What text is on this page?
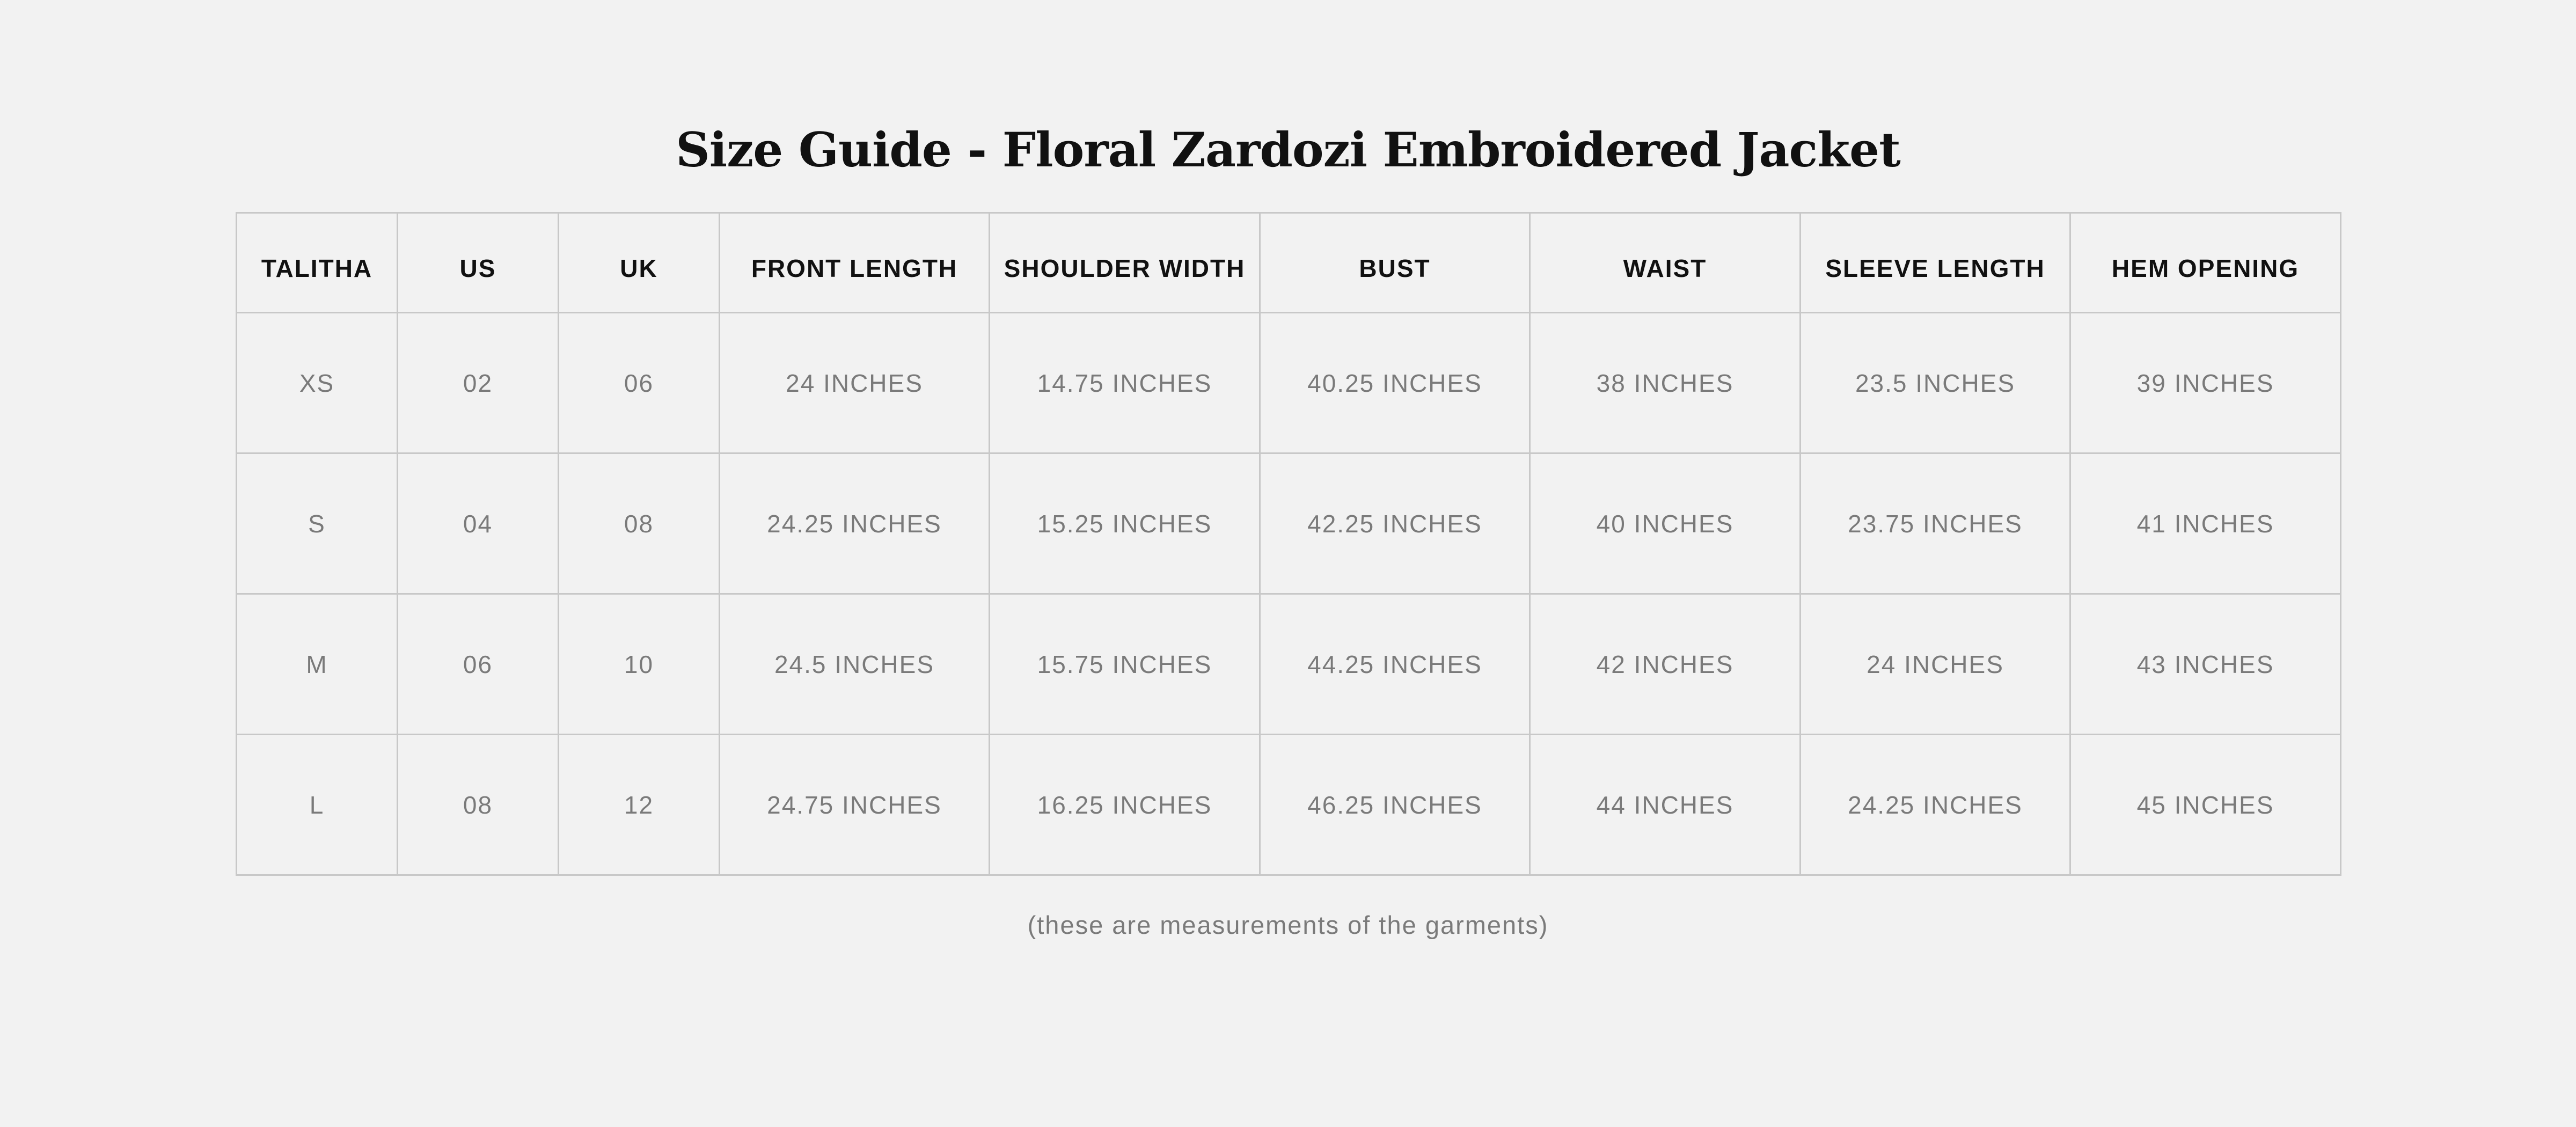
Size Guide - Floral Zardozi Embroidered Jacket
TALITHA	US	UK	FRONT LENGTH	SHOULDER WIDTH	BUST	WAIST	SLEEVE LENGTH	HEM OPENING
XS	02	06	24 INCHES	14.75 INCHES	40.25 INCHES	38 INCHES	23.5 INCHES	39 INCHES
S	04	08	24.25 INCHES	15.25 INCHES	42.25 INCHES	40 INCHES	23.75 INCHES	41 INCHES
M	06	10	24.5 INCHES	15.75 INCHES	44.25 INCHES	42 INCHES	24 INCHES	43 INCHES
L	08	12	24.75 INCHES	16.25 INCHES	46.25 INCHES	44 INCHES	24.25 INCHES	45 INCHES
(these are measurements of the garments)
